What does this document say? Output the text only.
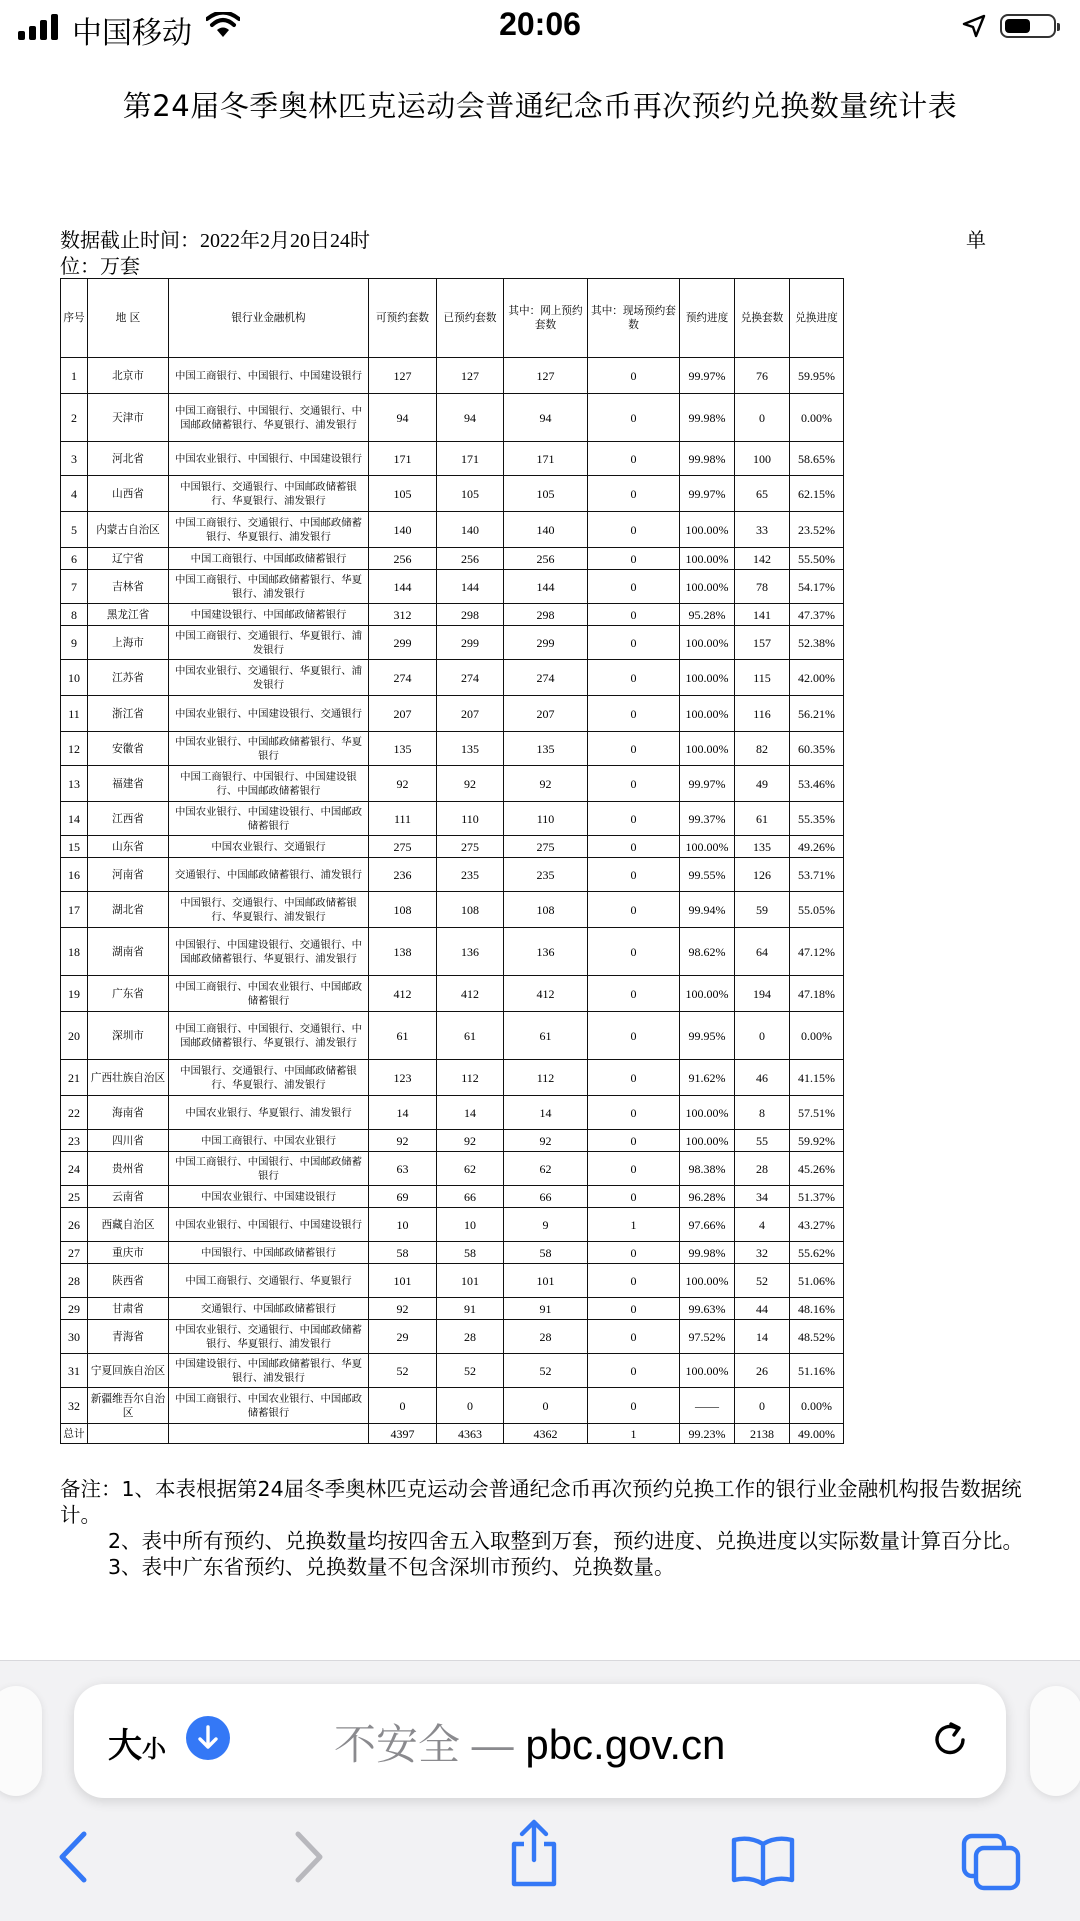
中国移动	20:06
第24届冬季奥林匹克运动会普通纪念币再次预约兑换数量统计表
数据截止时间：2022年2月20日24时	单
位：万套
序号	地 区	银行业金融机构	可预约套数	已预约套数	其中：网上预约套数	其中：现场预约套数	预约进度	兑换套数	兑换进度
1	北京市	中国工商银行、中国银行、中国建设银行	127	127	127	0	99.97%	76	59.95%
2	天津市	中国工商银行、中国银行、交通银行、中国邮政储蓄银行、华夏银行、浦发银行	94	94	94	0	99.98%	0	0.00%
3	河北省	中国农业银行、中国银行、中国建设银行	171	171	171	0	99.98%	100	58.65%
4	山西省	中国银行、交通银行、中国邮政储蓄银行、华夏银行、浦发银行	105	105	105	0	99.97%	65	62.15%
5	内蒙古自治区	中国工商银行、交通银行、中国邮政储蓄银行、华夏银行、浦发银行	140	140	140	0	100.00%	33	23.52%
6	辽宁省	中国工商银行、中国邮政储蓄银行	256	256	256	0	100.00%	142	55.50%
7	吉林省	中国工商银行、中国邮政储蓄银行、华夏银行、浦发银行	144	144	144	0	100.00%	78	54.17%
8	黑龙江省	中国建设银行、中国邮政储蓄银行	312	298	298	0	95.28%	141	47.37%
9	上海市	中国工商银行、交通银行、华夏银行、浦发银行	299	299	299	0	100.00%	157	52.38%
10	江苏省	中国农业银行、交通银行、华夏银行、浦发银行	274	274	274	0	100.00%	115	42.00%
11	浙江省	中国农业银行、中国建设银行、交通银行	207	207	207	0	100.00%	116	56.21%
12	安徽省	中国农业银行、中国邮政储蓄银行、华夏银行	135	135	135	0	100.00%	82	60.35%
13	福建省	中国工商银行、中国银行、中国建设银行、中国邮政储蓄银行	92	92	92	0	99.97%	49	53.46%
14	江西省	中国农业银行、中国建设银行、中国邮政储蓄银行	111	110	110	0	99.37%	61	55.35%
15	山东省	中国农业银行、交通银行	275	275	275	0	100.00%	135	49.26%
16	河南省	交通银行、中国邮政储蓄银行、浦发银行	236	235	235	0	99.55%	126	53.71%
17	湖北省	中国银行、交通银行、中国邮政储蓄银行、华夏银行、浦发银行	108	108	108	0	99.94%	59	55.05%
18	湖南省	中国银行、中国建设银行、交通银行、中国邮政储蓄银行、华夏银行、浦发银行	138	136	136	0	98.62%	64	47.12%
19	广东省	中国工商银行、中国农业银行、中国邮政储蓄银行	412	412	412	0	100.00%	194	47.18%
20	深圳市	中国工商银行、中国银行、交通银行、中国邮政储蓄银行、华夏银行、浦发银行	61	61	61	0	99.95%	0	0.00%
21	广西壮族自治区	中国银行、交通银行、中国邮政储蓄银行、华夏银行、浦发银行	123	112	112	0	91.62%	46	41.15%
22	海南省	中国农业银行、华夏银行、浦发银行	14	14	14	0	100.00%	8	57.51%
23	四川省	中国工商银行、中国农业银行	92	92	92	0	100.00%	55	59.92%
24	贵州省	中国工商银行、中国银行、中国邮政储蓄银行	63	62	62	0	98.38%	28	45.26%
25	云南省	中国农业银行、中国建设银行	69	66	66	0	96.28%	34	51.37%
26	西藏自治区	中国农业银行、中国银行、中国建设银行	10	10	9	1	97.66%	4	43.27%
27	重庆市	中国银行、中国邮政储蓄银行	58	58	58	0	99.98%	32	55.62%
28	陕西省	中国工商银行、交通银行、华夏银行	101	101	101	0	100.00%	52	51.06%
29	甘肃省	交通银行、中国邮政储蓄银行	92	91	91	0	99.63%	44	48.16%
30	青海省	中国农业银行、交通银行、中国邮政储蓄银行、华夏银行、浦发银行	29	28	28	0	97.52%	14	48.52%
31	宁夏回族自治区	中国建设银行、中国邮政储蓄银行、华夏银行、浦发银行	52	52	52	0	100.00%	26	51.16%
32	新疆维吾尔自治区	中国工商银行、中国农业银行、中国邮政储蓄银行	0	0	0	0	——	0	0.00%
总计			4397	4363	4362	1	99.23%	2138	49.00%

备注：1、本表根据第24届冬季奥林匹克运动会普通纪念币再次预约兑换工作的银行业金融机构报告数据统计。

2、表中所有预约、兑换数量均按四舍五入取整到万套，预约进度、兑换进度以实际数量计算百分比。

3、表中广东省预约、兑换数量不包含深圳市预约、兑换数量。

大小	不安全 — pbc.gov.cn
